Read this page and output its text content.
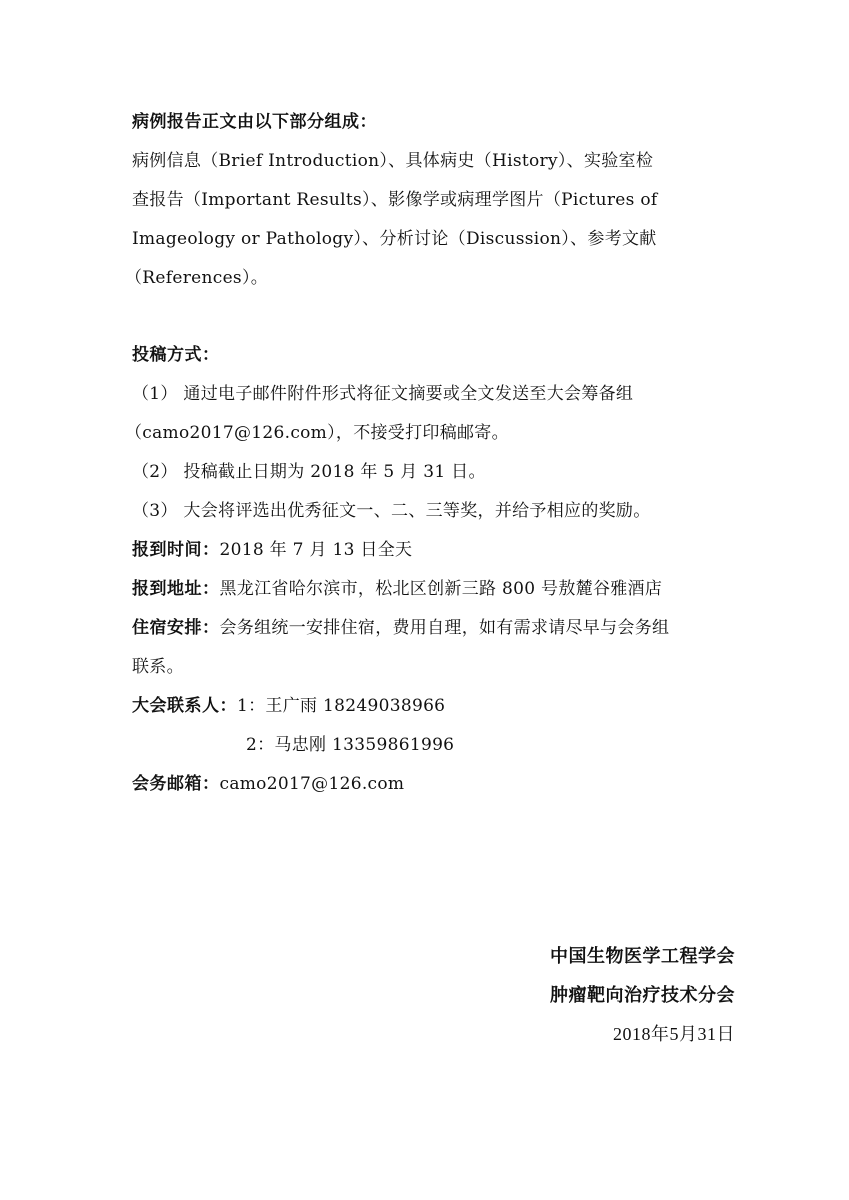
病例报告正文由以下部分组成：

病例信息（Brief Introduction）、具体病史（History）、实验室检

查报告（Important Results）、影像学或病理学图片（Pictures of

Imageology or Pathology）、分析讨论（Discussion）、参考文献

（References）。

投稿方式：

（1） 通过电子邮件附件形式将征文摘要或全文发送至大会筹备组

（camo2017@126.com），不接受打印稿邮寄。

（2） 投稿截止日期为 2018 年 5 月 31 日。

（3） 大会将评选出优秀征文一、二、三等奖，并给予相应的奖励。

报到时间：2018 年 7 月 13 日全天

报到地址：黑龙江省哈尔滨市，松北区创新三路 800 号敖麓谷雅酒店

住宿安排：会务组统一安排住宿，费用自理，如有需求请尽早与会务组

联系。

大会联系人：1：王广雨 18249038966

2：马忠刚 13359861996

会务邮箱：camo2017@126.com

中国生物医学工程学会

肿瘤靶向治疗技术分会

2018年5月31日
